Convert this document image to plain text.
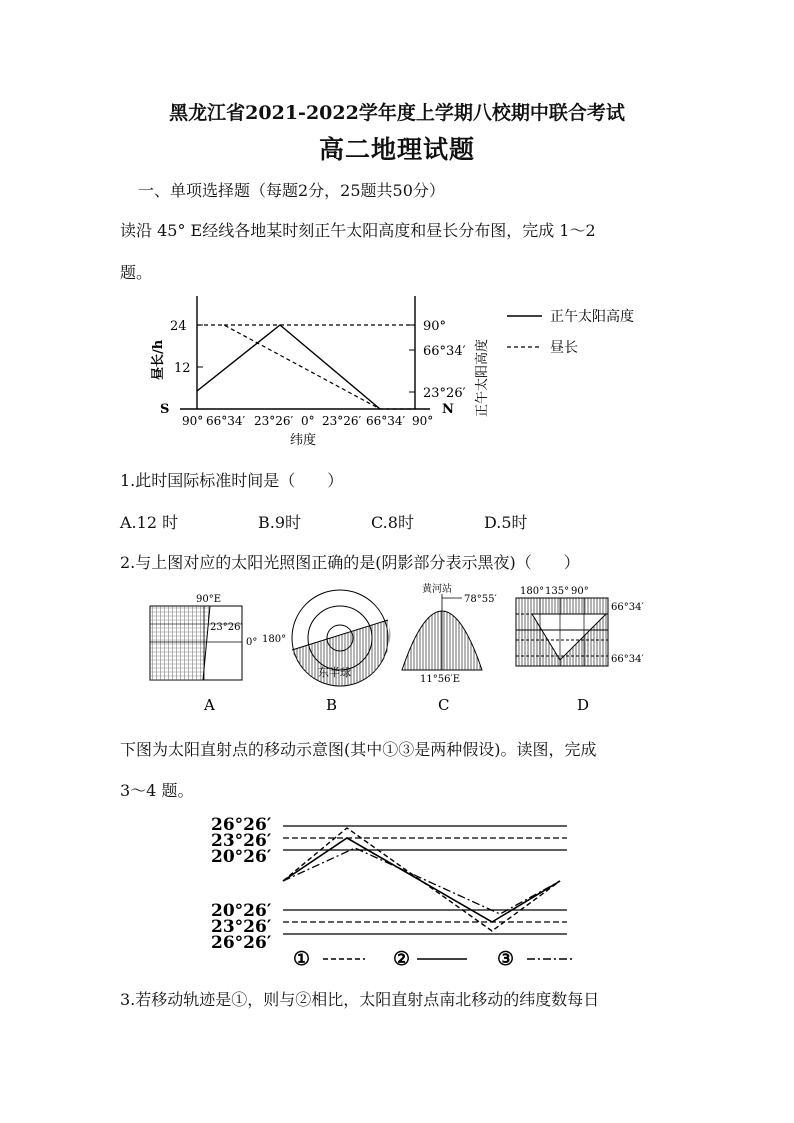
黑龙江省2021-2022学年度上学期八校期中联合考试
高二地理试题
一、单项选择题（每题2分，25题共50分）
读沿 45° E经线各地某时刻正午太阳高度和昼长分布图，完成 1～2
题。
24
12
S	N
90°
66°34′
23°26′
90° 66°34′ 23°26′ 0° 23°26′ 66°34′ 90°
纬度
昼长/h	正午太阳高度
正午太阳高度
昼长
1.此时国际标准时间是（　　）
A.12 时	B.9时	C.8时	D.5时
2.与上图对应的太阳光照图正确的是(阴影部分表示黑夜)（　　）
90°E
23°26′
0° 180°
东半球
黄河站
78°55′
11°56′E
180° 135° 90°
66°34′
66°34′
A	B	C	D
下图为太阳直射点的移动示意图(其中①③是两种假设)。读图，完成
3～4 题。
26°26′
23°26′
20°26′
20°26′
23°26′
26°26′
①	②	③
3.若移动轨迹是①，则与②相比，太阳直射点南北移动的纬度数每日
